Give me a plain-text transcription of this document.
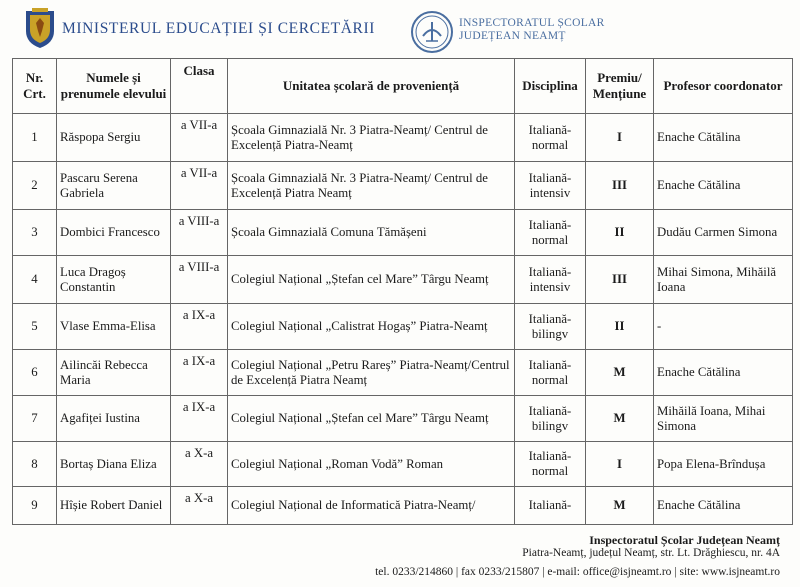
MINISTERUL EDUCAȚIEI ȘI CERCETĂRII	INSPECTORATUL ȘCOLAR
JUDEȚEAN NEAMȚ
Nr. Crt.	Numele și prenumele elevului	Clasa	Unitatea școlară de proveniență	Disciplina	Premiu/ Mențiune	Profesor coordonator
1	Răspopa Sergiu	a VII-a	Școala Gimnazială Nr. 3 Piatra-Neamț/ Centrul de Excelență Piatra-Neamț	Italiană-normal	I	Enache Cătălina
2	Pascaru Serena Gabriela	a VII-a	Școala Gimnazială Nr. 3 Piatra-Neamț/ Centrul de Excelență Piatra Neamț	Italiană-intensiv	III	Enache Cătălina
3	Dombici Francesco	a VIII-a	Școala Gimnazială Comuna Tămășeni	Italiană-normal	II	Dudău Carmen Simona
4	Luca Dragoș Constantin	a VIII-a	Colegiul Național „Ștefan cel Mare” Târgu Neamț	Italiană-intensiv	III	Mihai Simona, Mihăilă Ioana
5	Vlase Emma-Elisa	a IX-a	Colegiul Național „Calistrat Hogaș” Piatra-Neamț	Italiană-bilingv	II	-
6	Ailincăi Rebecca Maria	a IX-a	Colegiul Național „Petru Rareș” Piatra-Neamț/Centrul de Excelență Piatra Neamț	Italiană-normal	M	Enache Cătălina
7	Agafiței Iustina	a IX-a	Colegiul Național „Ștefan cel Mare” Târgu Neamț	Italiană-bilingv	M	Mihăilă Ioana, Mihai Simona
8	Bortaș Diana Eliza	a X-a	Colegiul Național „Roman Vodă” Roman	Italiană-normal	I	Popa Elena-Brîndușa
9	Hîșie Robert Daniel	a X-a	Colegiul Național de Informatică Piatra-Neamț/	Italiană-	M	Enache Cătălina
Inspectoratul Școlar Județean Neamț
Piatra-Neamț, județul Neamț, str. Lt. Drăghiescu, nr. 4A
tel. 0233/214860 | fax 0233/215807 | e-mail: office@isjneamt.ro | site: www.isjneamt.ro
